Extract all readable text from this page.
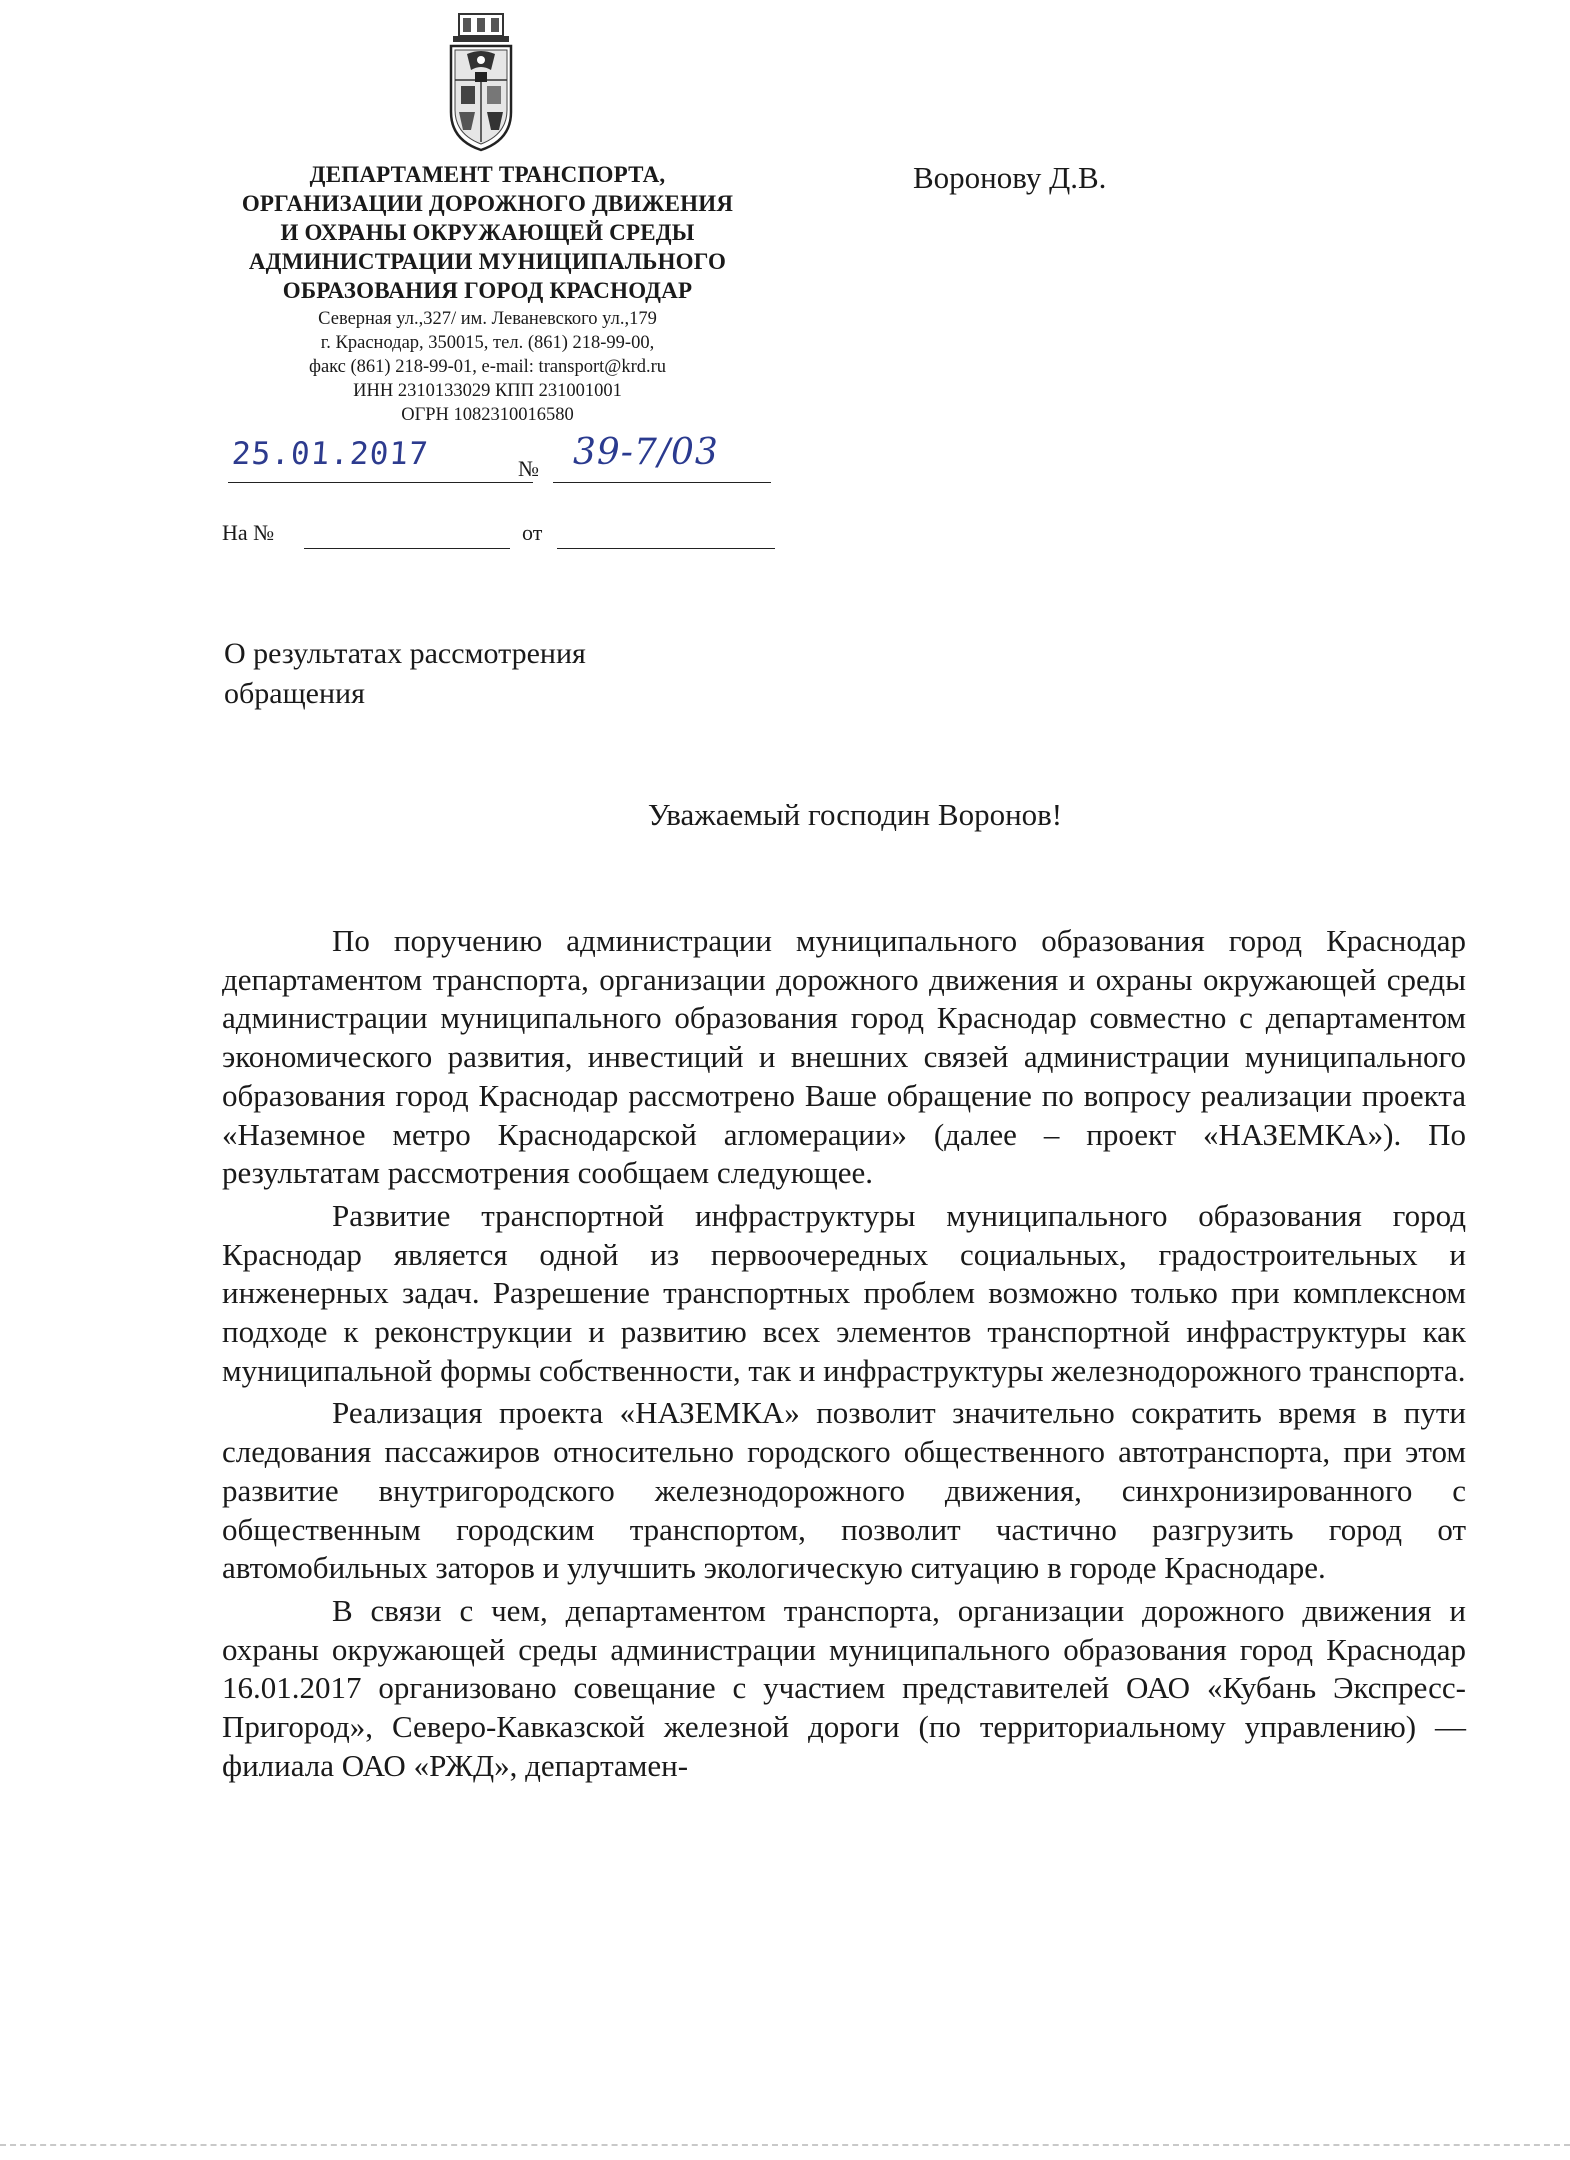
ДЕПАРТАМЕНТ ТРАНСПОРТА,
ОРГАНИЗАЦИИ ДОРОЖНОГО ДВИЖЕНИЯ
И ОХРАНЫ ОКРУЖАЮЩЕЙ СРЕДЫ
АДМИНИСТРАЦИИ МУНИЦИПАЛЬНОГО
ОБРАЗОВАНИЯ ГОРОД КРАСНОДАР
Северная ул.,327/ им. Леваневского ул.,179
г. Краснодар, 350015, тел. (861) 218-99-00,
факс (861) 218-99-01, e-mail: transport@krd.ru
ИНН 2310133029 КПП 231001001
ОГРН 1082310016580
25.01.2017	№ 39-7/03
На №	от
Воронову Д.В.
О результатах рассмотрения
обращения
Уважаемый господин Воронов!

По поручению администрации муниципального образования город Краснодар департаментом транспорта, организации дорожного движения и охраны окружающей среды администрации муниципального образования город Краснодар совместно с департаментом экономического развития, инвестиций и внешних связей администрации муниципального образования город Краснодар рассмотрено Ваше обращение по вопросу реализации проекта «Наземное метро Краснодарской агломерации» (далее – проект «НАЗЕМКА»). По результатам рассмотрения сообщаем следующее.

Развитие транспортной инфраструктуры муниципального образования город Краснодар является одной из первоочередных социальных, градостроительных и инженерных задач. Разрешение транспортных проблем возможно только при комплексном подходе к реконструкции и развитию всех элементов транспортной инфраструктуры как муниципальной формы собственности, так и инфраструктуры железнодорожного транспорта.

Реализация проекта «НАЗЕМКА» позволит значительно сократить время в пути следования пассажиров относительно городского общественного автотранспорта, при этом развитие внутригородского железнодорожного движения, синхронизированного с общественным городским транспортом, позволит частично разгрузить город от автомобильных заторов и улучшить экологическую ситуацию в городе Краснодаре.

В связи с чем, департаментом транспорта, организации дорожного движения и охраны окружающей среды администрации муниципального образования город Краснодар 16.01.2017 организовано совещание с участием представителей ОАО «Кубань Экспресс-Пригород», Северо-Кавказской железной дороги (по территориальному управлению) — филиала ОАО «РЖД», департамен-
